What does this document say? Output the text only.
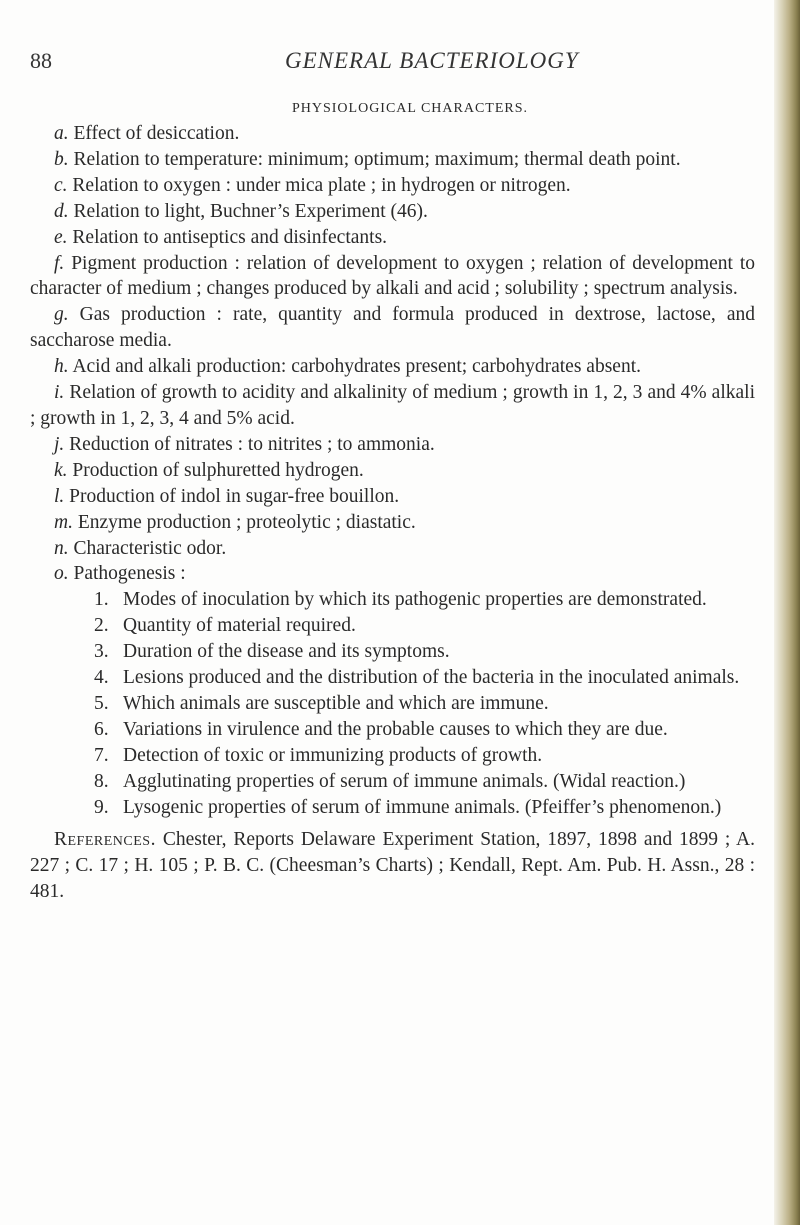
88	GENERAL BACTERIOLOGY
PHYSIOLOGICAL CHARACTERS.

a. Effect of desiccation.

b. Relation to temperature: minimum; optimum; maximum; thermal death point.

c. Relation to oxygen : under mica plate ; in hydrogen or nitrogen.

d. Relation to light, Buchner’s Experiment (46).

e. Relation to antiseptics and disinfectants.

f. Pigment production : relation of development to oxygen ; relation of development to character of medium ; changes produced by alkali and acid ; solubility ; spectrum analysis.

g. Gas production : rate, quantity and formula produced in dextrose, lactose, and saccharose media.

h. Acid and alkali production: carbohydrates present; carbohydrates absent.

i. Relation of growth to acidity and alkalinity of medium ; growth in 1, 2, 3 and 4% alkali ; growth in 1, 2, 3, 4 and 5% acid.

j. Reduction of nitrates : to nitrites ; to ammonia.

k. Production of sulphuretted hydrogen.

l. Production of indol in sugar-free bouillon.

m. Enzyme production ; proteolytic ; diastatic.

n. Characteristic odor.

o. Pathogenesis :

1. Modes of inoculation by which its pathogenic properties are demonstrated.

2. Quantity of material required.

3. Duration of the disease and its symptoms.

4. Lesions produced and the distribution of the bacteria in the inoculated animals.

5. Which animals are susceptible and which are immune.

6. Variations in virulence and the probable causes to which they are due.

7. Detection of toxic or immunizing products of growth.

8. Agglutinating properties of serum of immune animals. (Widal reaction.)

9. Lysogenic properties of serum of immune animals. (Pfeiffer’s phenomenon.)

References. Chester, Reports Delaware Experiment Station, 1897, 1898 and 1899 ; A. 227 ; C. 17 ; H. 105 ; P. B. C. (Cheesman’s Charts) ; Kendall, Rept. Am. Pub. H. Assn., 28 : 481.
